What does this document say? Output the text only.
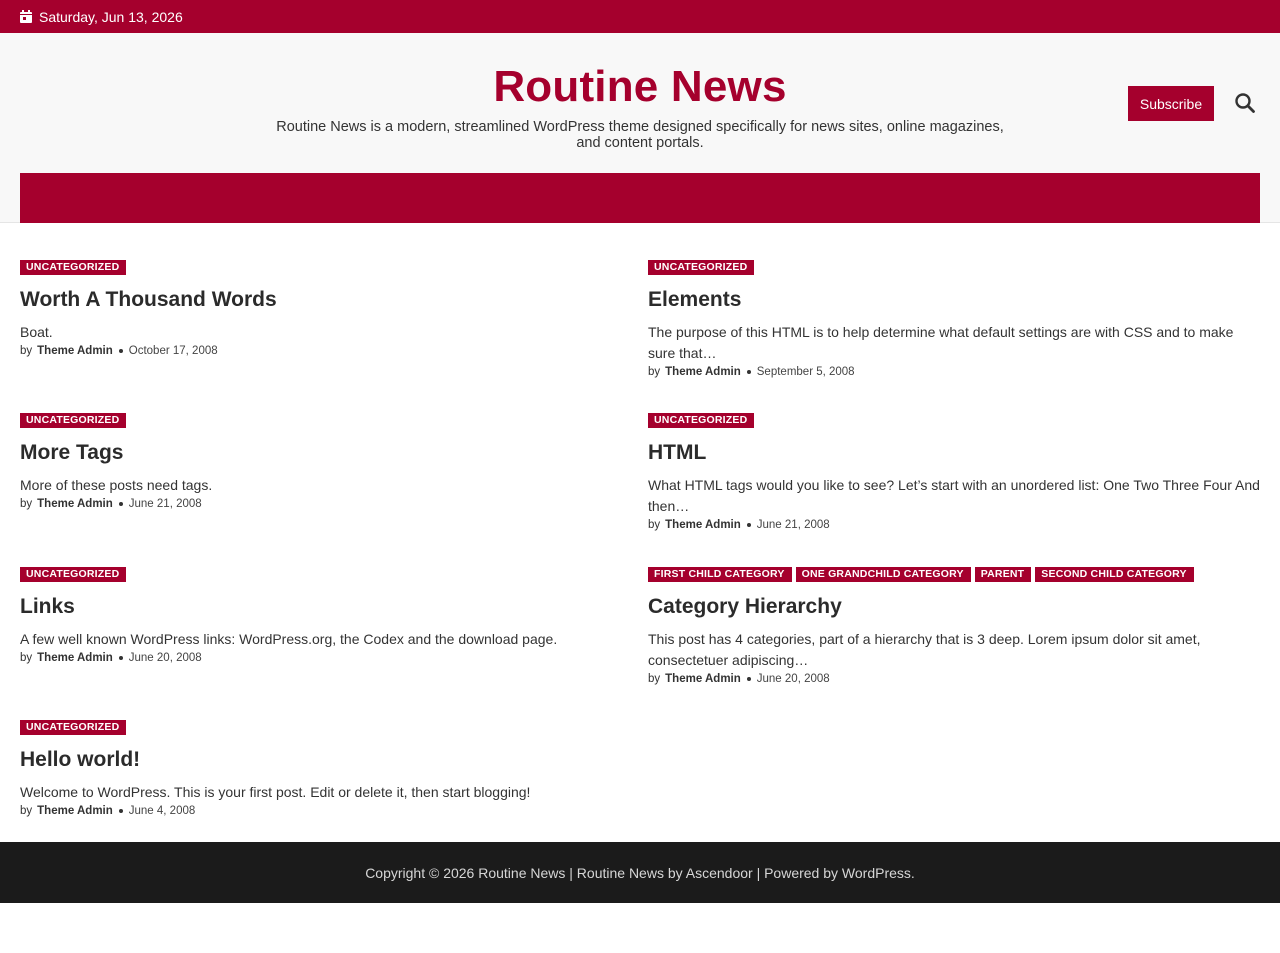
Saturday, Jun 13, 2026
Routine News
Routine News is a modern, streamlined WordPress theme designed specifically for news sites, online magazines, and content portals.
Subscribe
UNCATEGORIZED
Worth A Thousand Words
Boat.
by Theme Admin October 17, 2008
UNCATEGORIZED
Elements
The purpose of this HTML is to help determine what default settings are with CSS and to make sure that…
by Theme Admin September 5, 2008
UNCATEGORIZED
More Tags
More of these posts need tags.
by Theme Admin June 21, 2008
UNCATEGORIZED
HTML
What HTML tags would you like to see? Let’s start with an unordered list: One Two Three Four And then…
by Theme Admin June 21, 2008
UNCATEGORIZED
Links
A few well known WordPress links: WordPress.org, the Codex and the download page.
by Theme Admin June 20, 2008
FIRST CHILD CATEGORY	ONE GRANDCHILD CATEGORY	PARENT	SECOND CHILD CATEGORY
Category Hierarchy
This post has 4 categories, part of a hierarchy that is 3 deep. Lorem ipsum dolor sit amet, consectetuer adipiscing…
by Theme Admin June 20, 2008
UNCATEGORIZED
Hello world!
Welcome to WordPress. This is your first post. Edit or delete it, then start blogging!
by Theme Admin June 4, 2008
Copyright © 2026 Routine News | Routine News by Ascendoor | Powered by WordPress.
